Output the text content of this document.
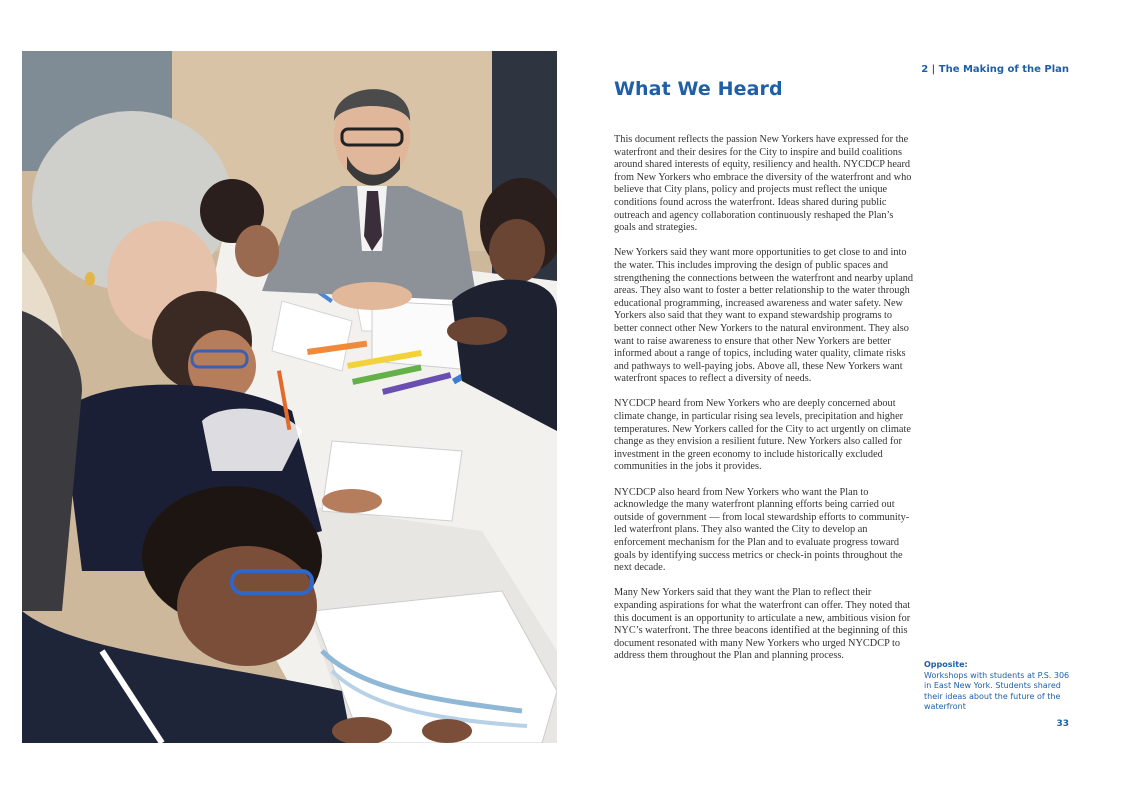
2 | The Making of the Plan
What We Heard

This document reflects the passion New Yorkers have expressed for the waterfront and their desires for the City to inspire and build coalitions around shared interests of equity, resiliency and health. NYCDCP heard from New Yorkers who embrace the diversity of the waterfront and who believe that City plans, policy and projects must reflect the unique conditions found across the waterfront. Ideas shared during public outreach and agency collaboration continuously reshaped the Plan’s goals and strategies.

New Yorkers said they want more opportunities to get close to and into the water. This includes improving the design of public spaces and strengthening the connections between the waterfront and nearby upland areas. They also want to foster a better relationship to the water through educational programming, increased awareness and water safety. New Yorkers also said that they want to expand stewardship programs to better connect other New Yorkers to the natural environment. They also want to raise awareness to ensure that other New Yorkers are better informed about a range of topics, including water quality, climate risks and pathways to well-paying jobs. Above all, these New Yorkers want waterfront spaces to reflect a diversity of needs.

NYCDCP heard from New Yorkers who are deeply concerned about climate change, in particular rising sea levels, precipitation and higher temperatures. New Yorkers called for the City to act urgently on climate change as they envision a resilient future. New Yorkers also called for investment in the green economy to include historically excluded communities in the jobs it provides.

NYCDCP also heard from New Yorkers who want the Plan to acknowledge the many waterfront planning efforts being carried out outside of government — from local stewardship efforts to community-led waterfront plans. They also wanted the City to develop an enforcement mechanism for the Plan and to evaluate progress toward goals by identifying success metrics or check-in points throughout the next decade.

Many New Yorkers said that they want the Plan to reflect their expanding aspirations for what the waterfront can offer. They noted that this document is an opportunity to articulate a new, ambitious vision for NYC’s waterfront. The three beacons identified at the beginning of this document resonated with many New Yorkers who urged NYCDCP to address them throughout the Plan and planning process.

Opposite:
Workshops with students at P.S. 306 in East New York. Students shared their ideas about the future of the waterfront
33
